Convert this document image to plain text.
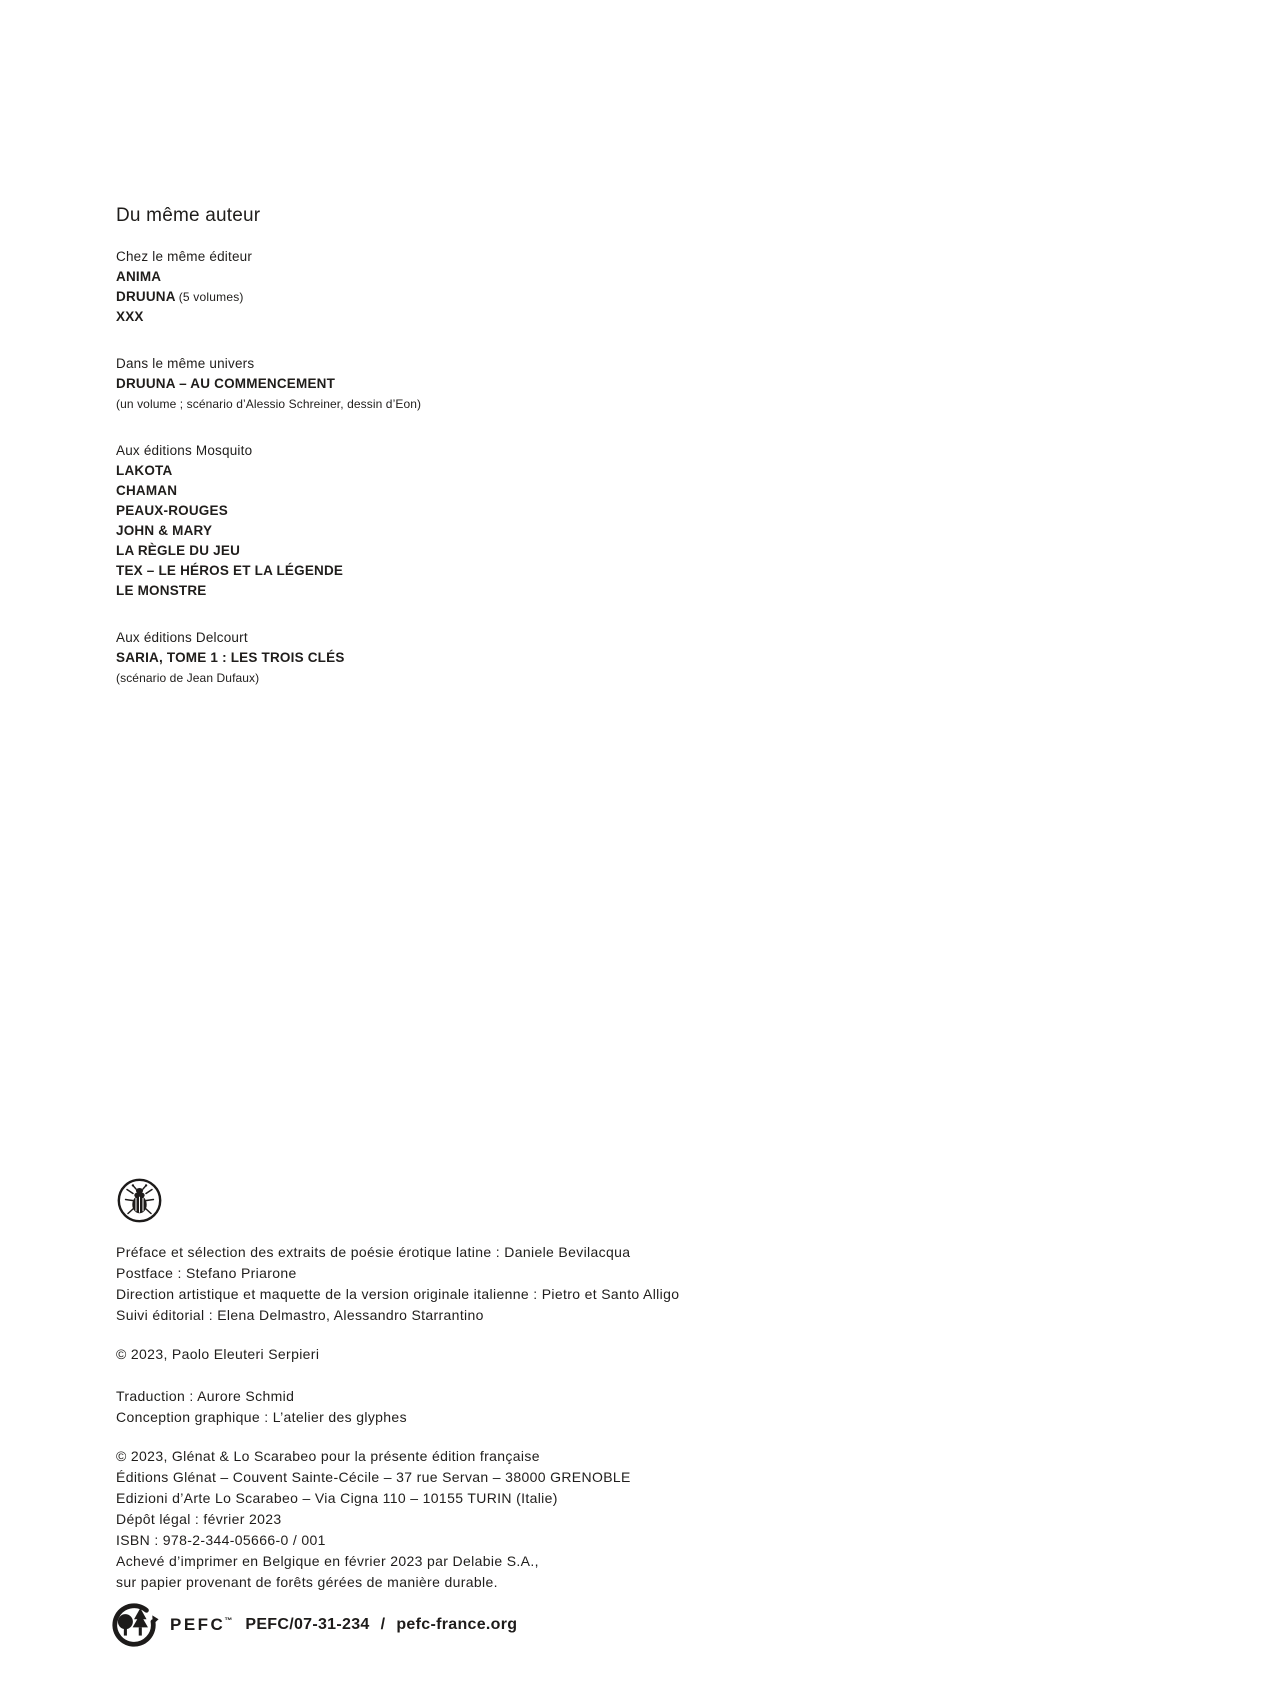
Du même auteur

Chez le même éditeur

ANIMA

DRUUNA (5 volumes)

XXX

Dans le même univers

DRUUNA – AU COMMENCEMENT

(un volume ; scénario d’Alessio Schreiner, dessin d’Eon)

Aux éditions Mosquito

LAKOTA

CHAMAN

PEAUX-ROUGES

JOHN & MARY

LA RÈGLE DU JEU

TEX – LE HÉROS ET LA LÉGENDE

LE MONSTRE

Aux éditions Delcourt

SARIA, TOME 1 : LES TROIS CLÉS

(scénario de Jean Dufaux)

Préface et sélection des extraits de poésie érotique latine : Daniele Bevilacqua

Postface : Stefano Priarone

Direction artistique et maquette de la version originale italienne : Pietro et Santo Alligo

Suivi éditorial : Elena Delmastro, Alessandro Starrantino

© 2023, Paolo Eleuteri Serpieri

Traduction : Aurore Schmid

Conception graphique : L’atelier des glyphes

© 2023, Glénat & Lo Scarabeo pour la présente édition française

Éditions Glénat – Couvent Sainte-Cécile – 37 rue Servan – 38000 GRENOBLE

Edizioni d’Arte Lo Scarabeo – Via Cigna 110 – 10155 TURIN (Italie)

Dépôt légal : février 2023

ISBN : 978-2-344-05666-0 / 001

Achevé d’imprimer en Belgique en février 2023 par Delabie S.A.,

sur papier provenant de forêts gérées de manière durable.

PEFC™ PEFC/07-31-234 / pefc-france.org
